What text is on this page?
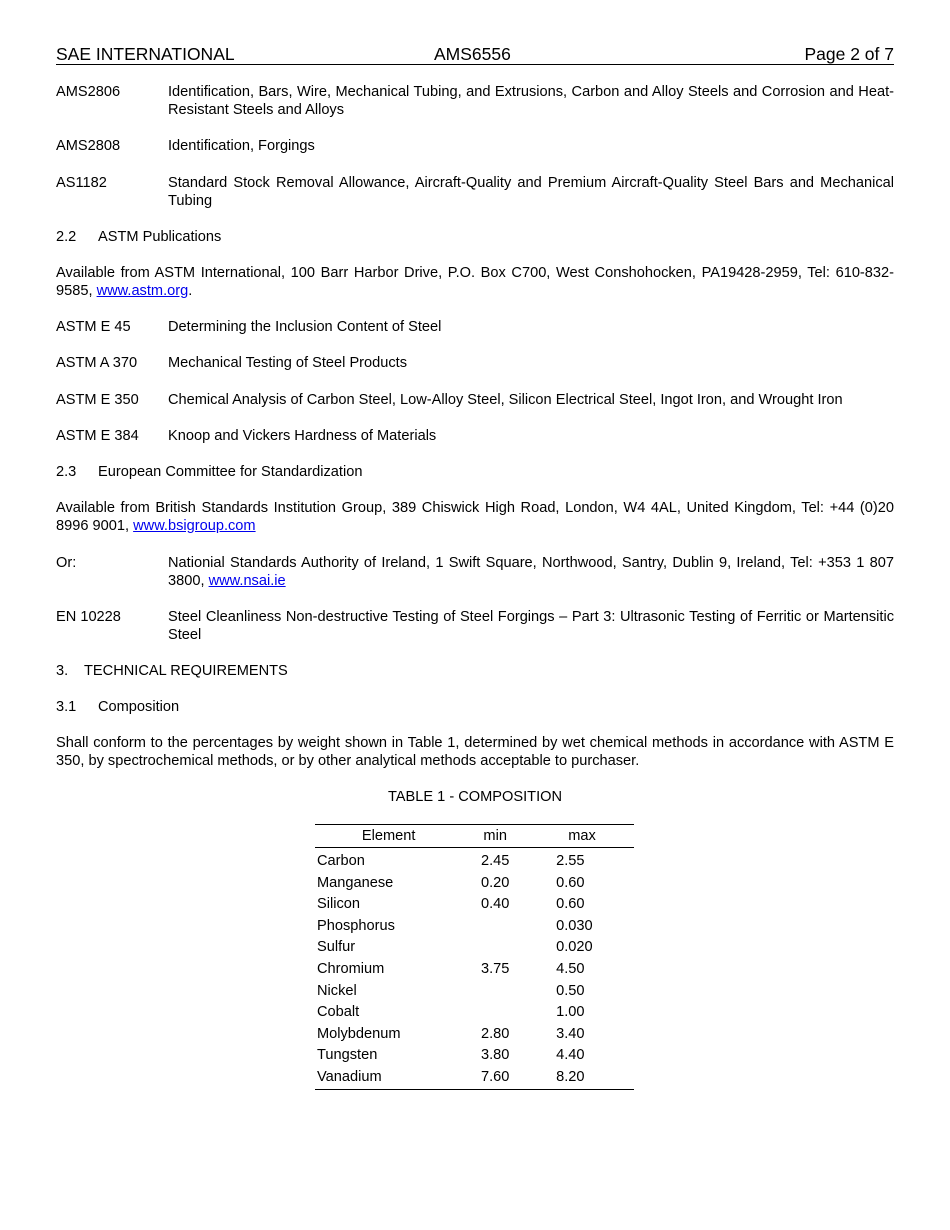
SAE INTERNATIONAL	AMS6556	Page 2 of 7
AMS2806	Identification, Bars, Wire, Mechanical Tubing, and Extrusions, Carbon and Alloy Steels and Corrosion and Heat-Resistant Steels and Alloys
AMS2808	Identification, Forgings
AS1182	Standard Stock Removal Allowance, Aircraft-Quality and Premium Aircraft-Quality Steel Bars and Mechanical Tubing
2.2 ASTM Publications
Available from ASTM International, 100 Barr Harbor Drive, P.O. Box C700, West Conshohocken, PA19428-2959, Tel: 610-832-9585, www.astm.org.
ASTM E 45	Determining the Inclusion Content of Steel
ASTM A 370 Mechanical Testing of Steel Products
ASTM E 350 Chemical Analysis of Carbon Steel, Low-Alloy Steel, Silicon Electrical Steel, Ingot Iron, and Wrought Iron
ASTM E 384 Knoop and Vickers Hardness of Materials
2.3 European Committee for Standardization
Available from British Standards Institution Group, 389 Chiswick High Road, London, W4 4AL, United Kingdom, Tel: +44 (0)20 8996 9001, www.bsigroup.com
Or:	Nationial Standards Authority of Ireland, 1 Swift Square, Northwood, Santry, Dublin 9, Ireland, Tel: +353 1 807 3800, www.nsai.ie
EN 10228	Steel Cleanliness Non-destructive Testing of Steel Forgings – Part 3: Ultrasonic Testing of Ferritic or Martensitic Steel
3. TECHNICAL REQUIREMENTS
3.1 Composition
Shall conform to the percentages by weight shown in Table 1, determined by wet chemical methods in accordance with ASTM E 350, by spectrochemical methods, or by other analytical methods acceptable to purchaser.
TABLE 1 - COMPOSITION
Element	min	max
Carbon	2.45	2.55
Manganese	0.20	0.60
Silicon	0.40	0.60
Phosphorus		0.030
Sulfur		0.020
Chromium	3.75	4.50
Nickel		0.50
Cobalt		1.00
Molybdenum	2.80	3.40
Tungsten	3.80	4.40
Vanadium	7.60	8.20
